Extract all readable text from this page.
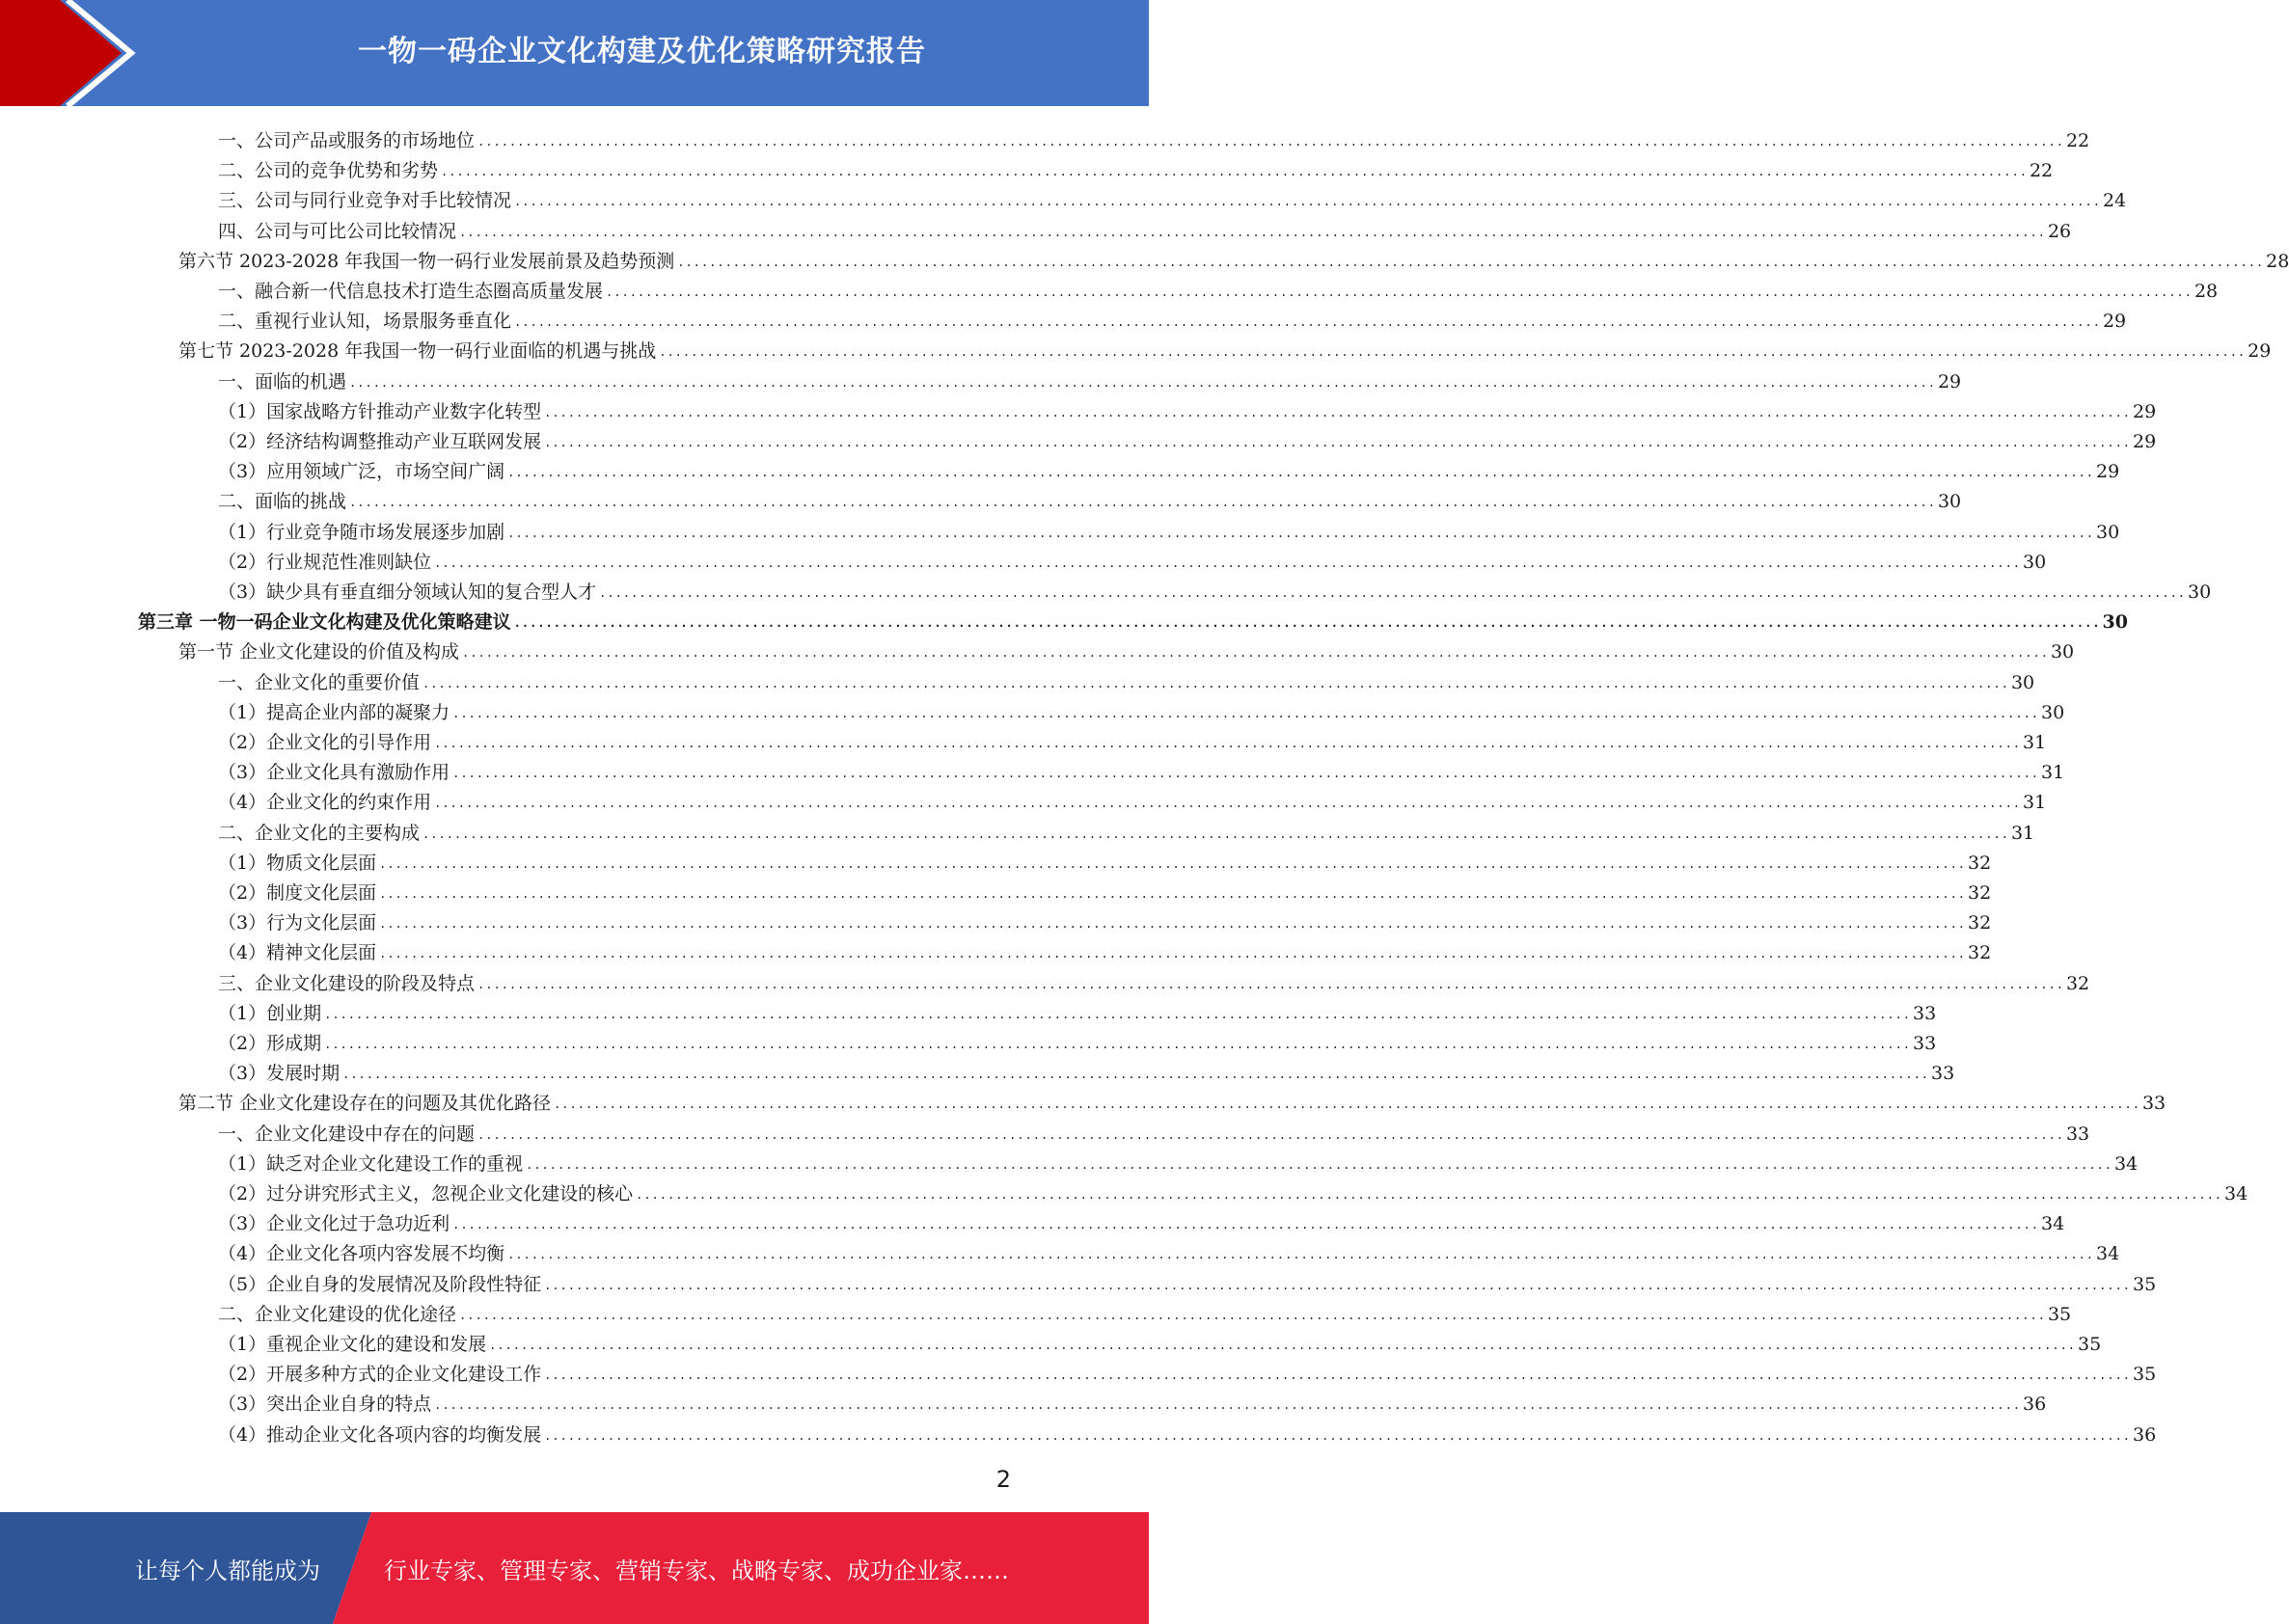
一物一码企业文化构建及优化策略研究报告
一、公司产品或服务的市场地位 ........................................................................................................................................................................................................ 22
二、公司的竞争优势和劣势 ........................................................................................................................................................................................................ 22
三、公司与同行业竞争对手比较情况 ........................................................................................................................................................................................................ 24
四、公司与可比公司比较情况 ........................................................................................................................................................................................................ 26
第六节 2023-2028 年我国一物一码行业发展前景及趋势预测 ........................................................................................................................................................................................................ 28
一、融合新一代信息技术打造生态圈高质量发展 ........................................................................................................................................................................................................ 28
二、重视行业认知，场景服务垂直化 ........................................................................................................................................................................................................ 29
第七节 2023-2028 年我国一物一码行业面临的机遇与挑战 ........................................................................................................................................................................................................ 29
一、面临的机遇 ........................................................................................................................................................................................................ 29
（1）国家战略方针推动产业数字化转型 ........................................................................................................................................................................................................ 29
（2）经济结构调整推动产业互联网发展 ........................................................................................................................................................................................................ 29
（3）应用领域广泛，市场空间广阔 ........................................................................................................................................................................................................ 29
二、面临的挑战 ........................................................................................................................................................................................................ 30
（1）行业竞争随市场发展逐步加剧 ........................................................................................................................................................................................................ 30
（2）行业规范性准则缺位 ........................................................................................................................................................................................................ 30
（3）缺少具有垂直细分领域认知的复合型人才 ........................................................................................................................................................................................................ 30
第三章 一物一码企业文化构建及优化策略建议 ........................................................................................................................................................................................................ 30
第一节 企业文化建设的价值及构成 ........................................................................................................................................................................................................ 30
一、企业文化的重要价值 ........................................................................................................................................................................................................ 30
（1）提高企业内部的凝聚力 ........................................................................................................................................................................................................ 30
（2）企业文化的引导作用 ........................................................................................................................................................................................................ 31
（3）企业文化具有激励作用 ........................................................................................................................................................................................................ 31
（4）企业文化的约束作用 ........................................................................................................................................................................................................ 31
二、企业文化的主要构成 ........................................................................................................................................................................................................ 31
（1）物质文化层面 ........................................................................................................................................................................................................ 32
（2）制度文化层面 ........................................................................................................................................................................................................ 32
（3）行为文化层面 ........................................................................................................................................................................................................ 32
（4）精神文化层面 ........................................................................................................................................................................................................ 32
三、企业文化建设的阶段及特点 ........................................................................................................................................................................................................ 32
（1）创业期 ........................................................................................................................................................................................................ 33
（2）形成期 ........................................................................................................................................................................................................ 33
（3）发展时期 ........................................................................................................................................................................................................ 33
第二节 企业文化建设存在的问题及其优化路径 ........................................................................................................................................................................................................ 33
一、企业文化建设中存在的问题 ........................................................................................................................................................................................................ 33
（1）缺乏对企业文化建设工作的重视 ........................................................................................................................................................................................................ 34
（2）过分讲究形式主义，忽视企业文化建设的核心 ........................................................................................................................................................................................................ 34
（3）企业文化过于急功近利 ........................................................................................................................................................................................................ 34
（4）企业文化各项内容发展不均衡 ........................................................................................................................................................................................................ 34
（5）企业自身的发展情况及阶段性特征 ........................................................................................................................................................................................................ 35
二、企业文化建设的优化途径 ........................................................................................................................................................................................................ 35
（1）重视企业文化的建设和发展 ........................................................................................................................................................................................................ 35
（2）开展多种方式的企业文化建设工作 ........................................................................................................................................................................................................ 35
（3）突出企业自身的特点 ........................................................................................................................................................................................................ 36
（4）推动企业文化各项内容的均衡发展 ........................................................................................................................................................................................................ 36
2
让每个人都能成为	行业专家、管理专家、营销专家、战略专家、成功企业家……
